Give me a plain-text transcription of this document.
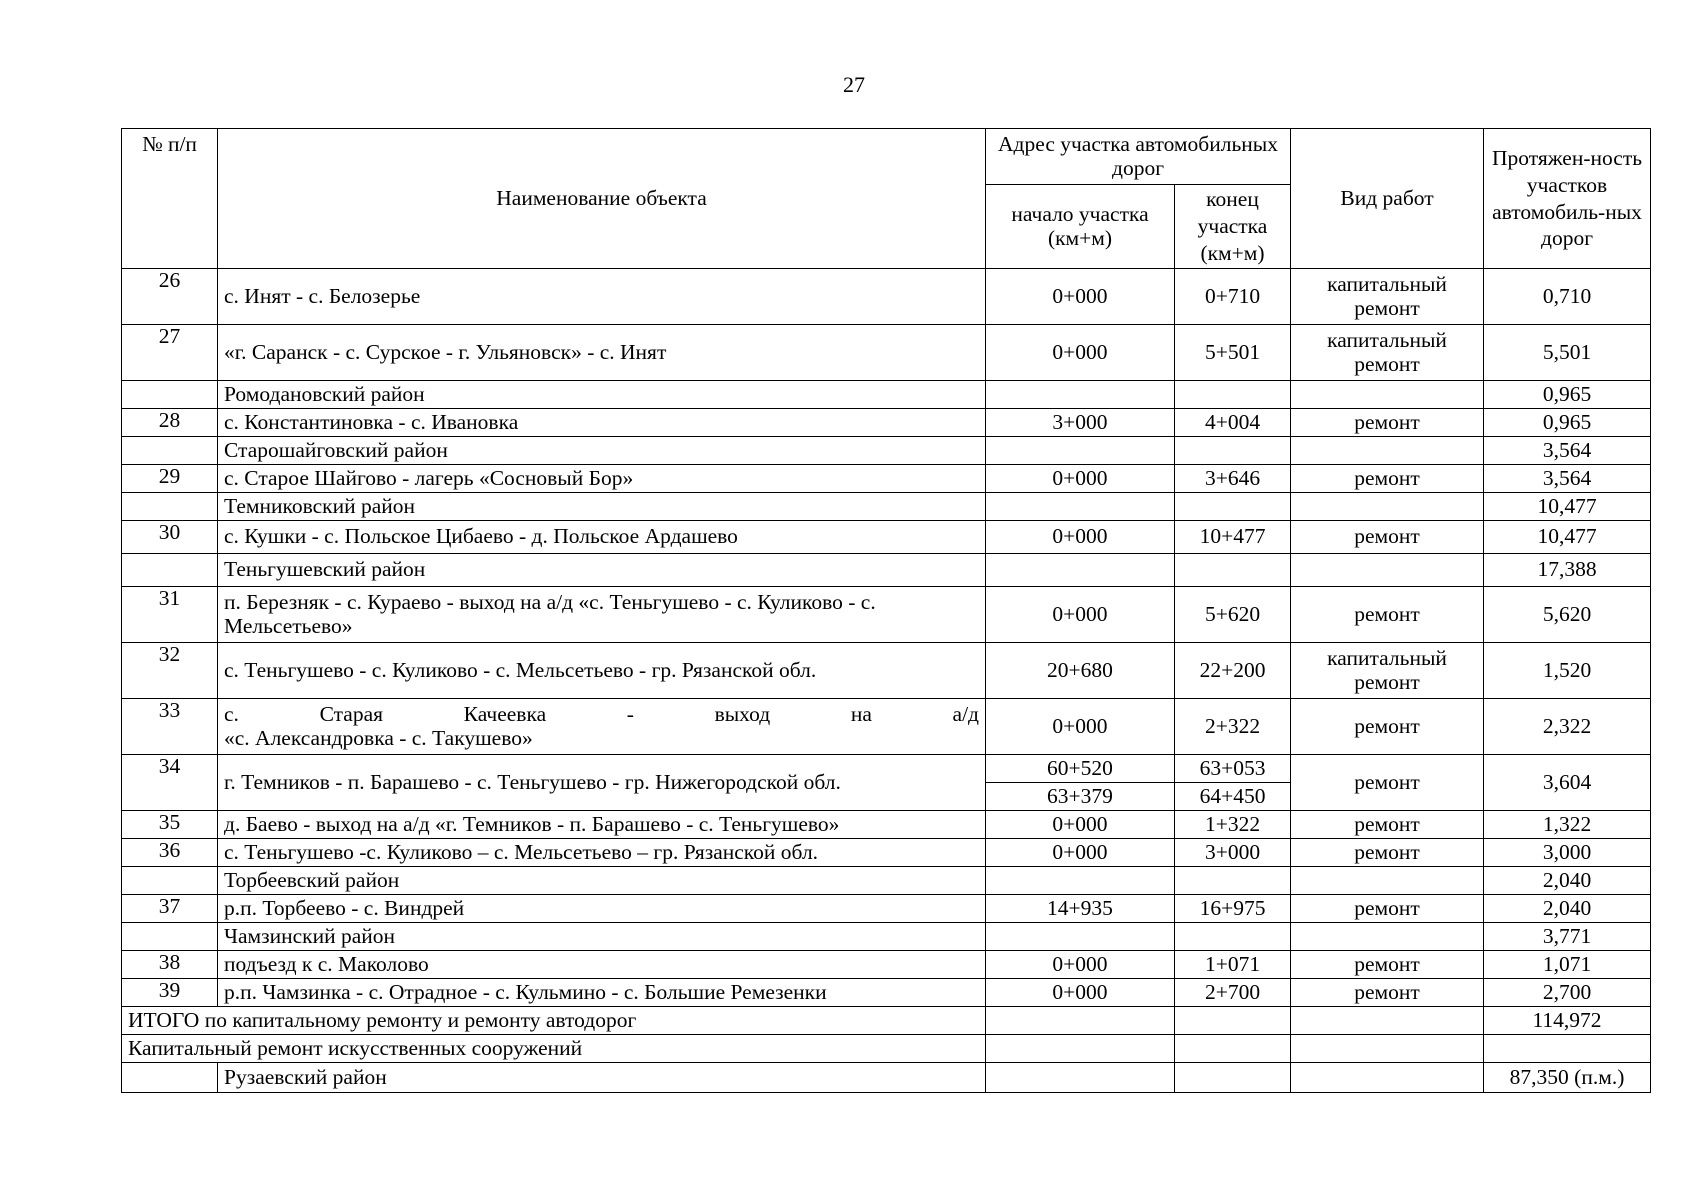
27
№ п/п	Наименование объекта	Адрес участка автомобильных дорог		Вид работ	Протяжен-ность участков автомобиль-ных дорог
		начало участка (км+м)	конец участка (км+м)		
26	с. Инят - с. Белозерье	0+000	0+710	капитальный ремонт	0,710
27	«г. Саранск - с. Сурское - г. Ульяновск» - с. Инят	0+000	5+501	капитальный ремонт	5,501
	Ромодановский район				0,965
28	с. Константиновка - с. Ивановка	3+000	4+004	ремонт	0,965
	Старошайговский район				3,564
29	с. Старое Шайгово - лагерь «Сосновый Бор»	0+000	3+646	ремонт	3,564
	Темниковский район				10,477
30	с. Кушки - с. Польское Цибаево - д. Польское Ардашево	0+000	10+477	ремонт	10,477
	Теньгушевский район				17,388
31	п. Березняк - с. Кураево - выход на а/д «с. Теньгушево - с. Куликово - с. Мельсетьево»	0+000	5+620	ремонт	5,620
32	с. Теньгушево - с. Куликово - с. Мельсетьево - гр. Рязанской обл.	20+680	22+200	капитальный ремонт	1,520
33	с. Старая Качеевка - выход на а/д
«с. Александровка - с. Такушево»	0+000	2+322	ремонт	2,322
34	г. Темников - п. Барашево - с. Теньгушево - гр. Нижегородской обл.	60+520	63+053	ремонт	3,604
		63+379	64+450		
35	д. Баево - выход на а/д «г. Темников - п. Барашево - с. Теньгушево»	0+000	1+322	ремонт	1,322
36	с. Теньгушево -с. Куликово – с. Мельсетьево – гр. Рязанской обл.	0+000	3+000	ремонт	3,000
	Торбеевский район				2,040
37	р.п. Торбеево - с. Виндрей	14+935	16+975	ремонт	2,040
	Чамзинский район				3,771
38	подъезд к с. Маколово	0+000	1+071	ремонт	1,071
39	р.п. Чамзинка - с. Отрадное - с. Кульмино - с. Большие Ремезенки	0+000	2+700	ремонт	2,700
ИТОГО по капитальному ремонту и ремонту автодорог					114,972
Капитальный ремонт искусственных сооружений					
	Рузаевский район				87,350 (п.м.)
